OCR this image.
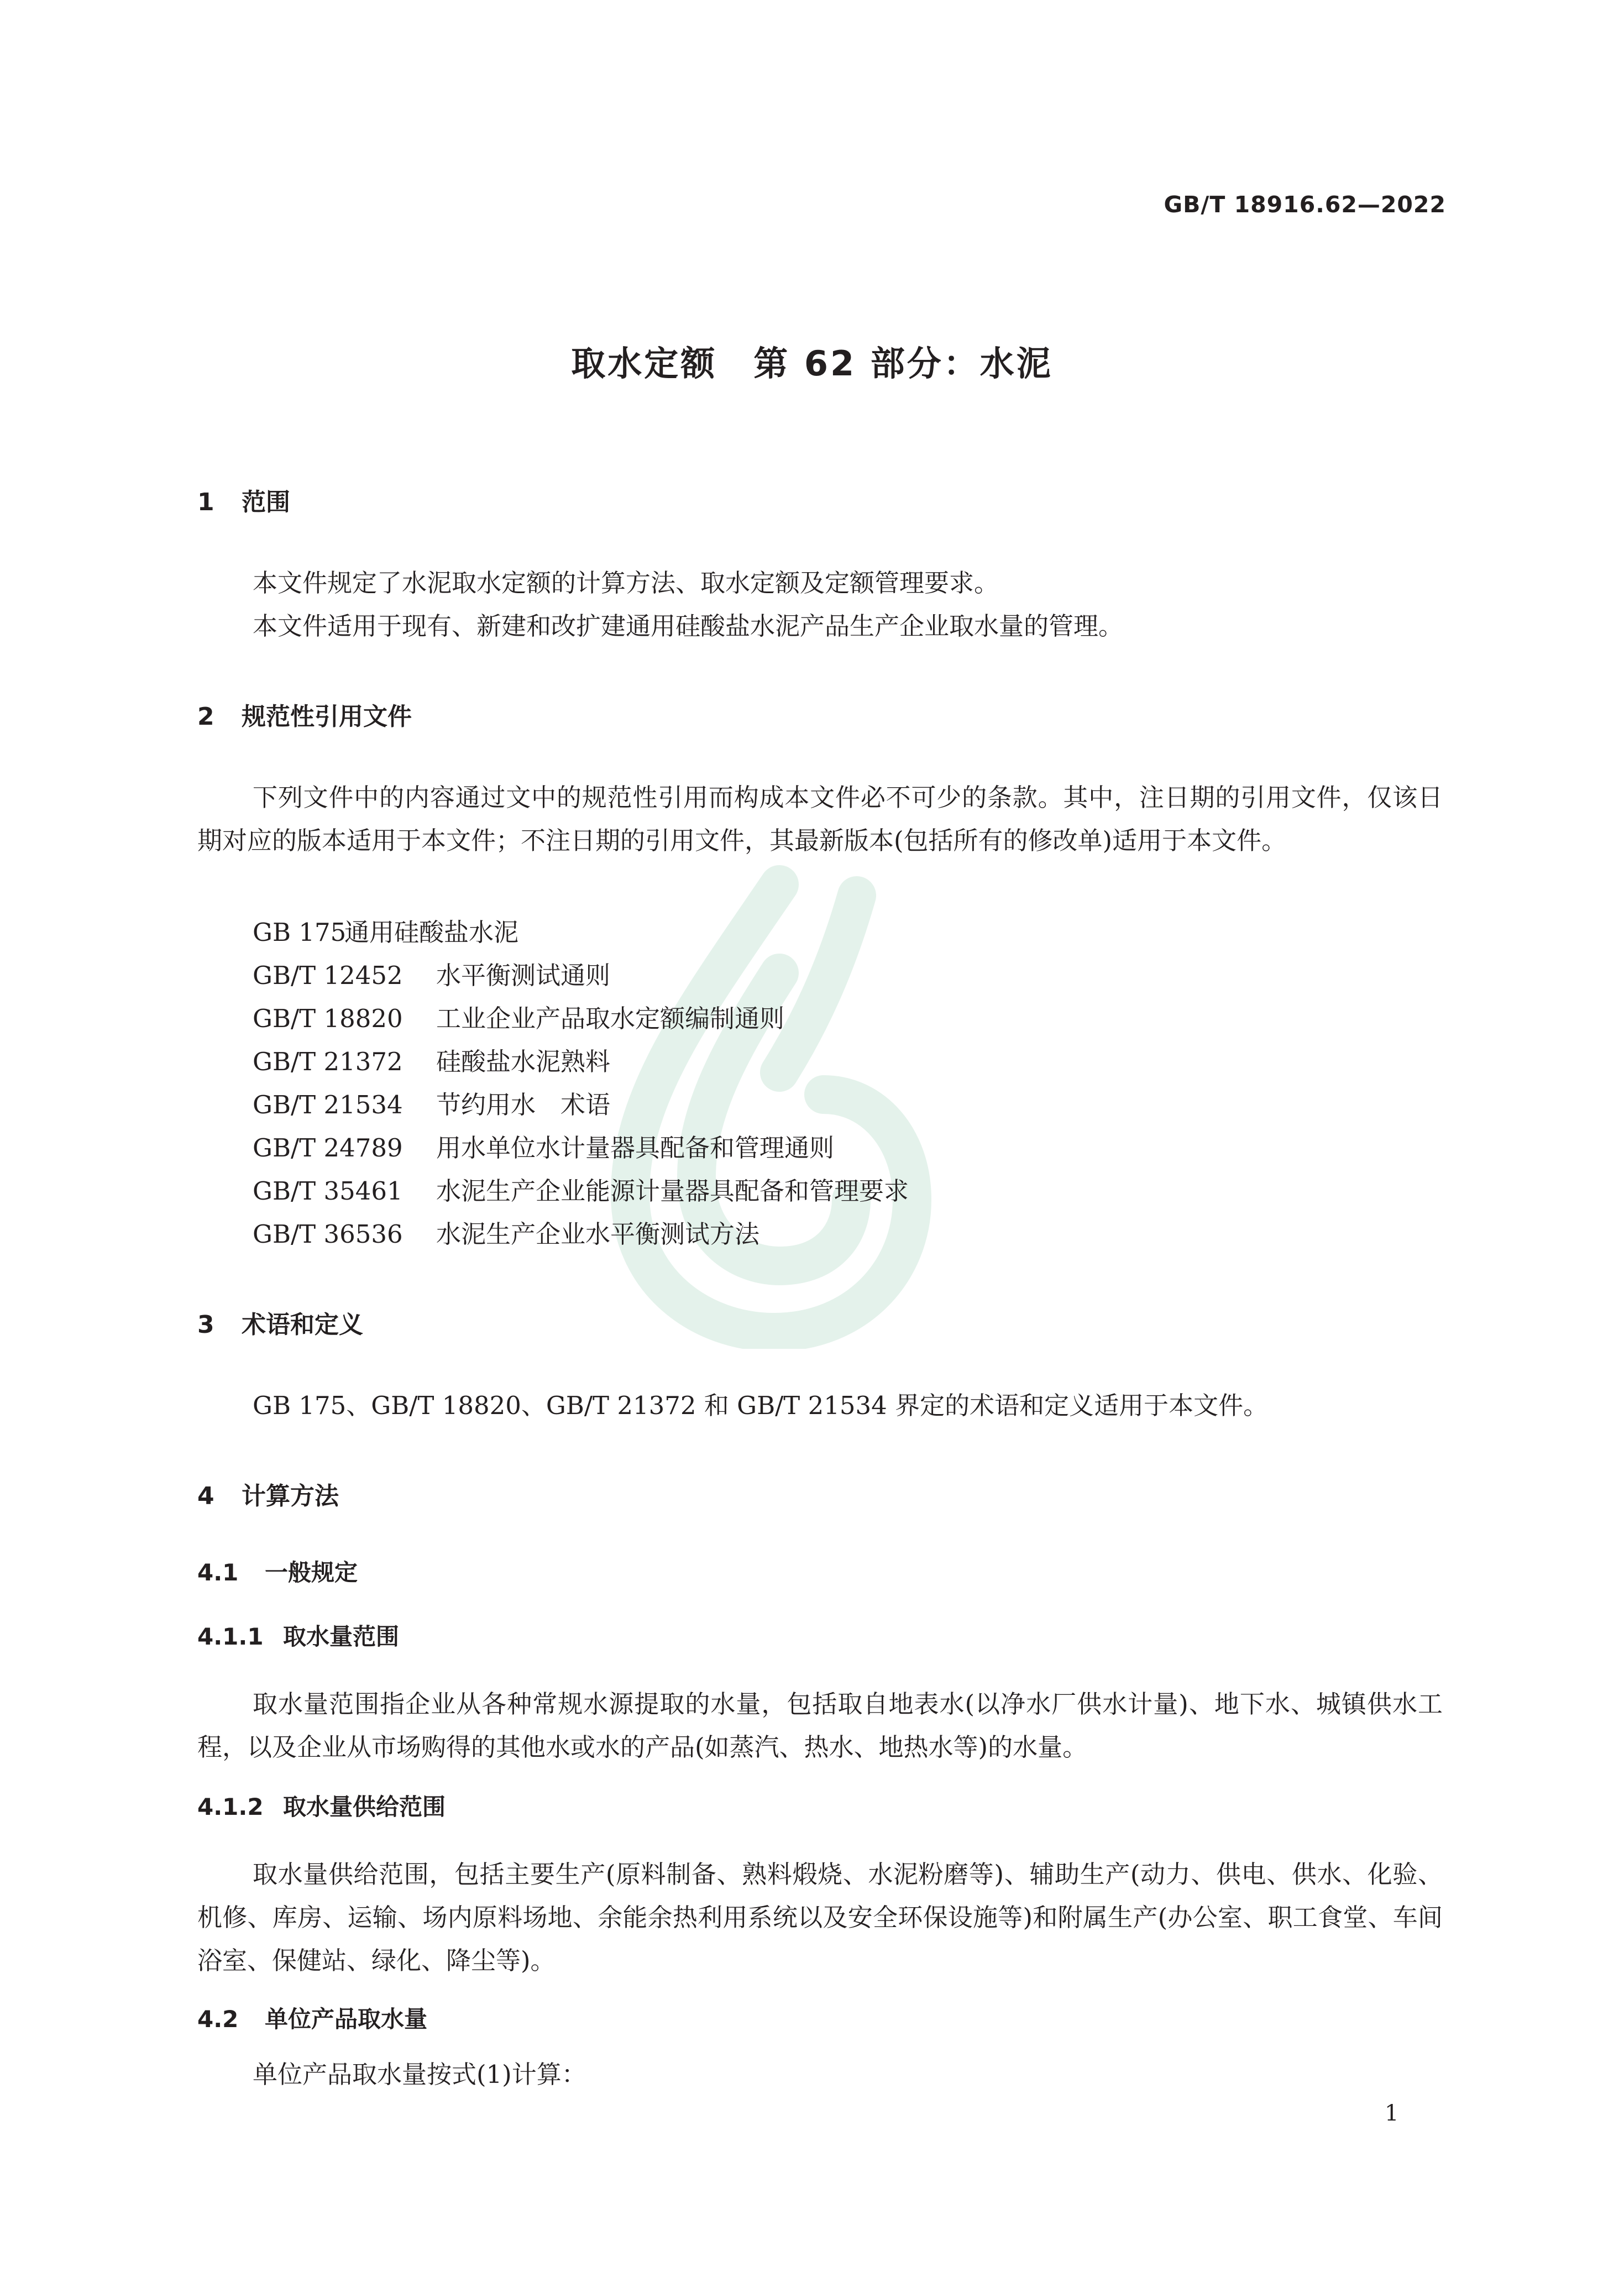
GB/T 18916.62—2022
取水定额　第 62 部分：水泥
1 范围
本文件规定了水泥取水定额的计算方法、取水定额及定额管理要求。
本文件适用于现有、新建和改扩建通用硅酸盐水泥产品生产企业取水量的管理。
2 规范性引用文件
下列文件中的内容通过文中的规范性引用而构成本文件必不可少的条款。其中，注日期的引用文件，仅该日期对应的版本适用于本文件；不注日期的引用文件，其最新版本(包括所有的修改单)适用于本文件。
GB 175通用硅酸盐水泥
GB/T 12452 水平衡测试通则
GB/T 18820 工业企业产品取水定额编制通则
GB/T 21372 硅酸盐水泥熟料
GB/T 21534 节约用水　术语
GB/T 24789 用水单位水计量器具配备和管理通则
GB/T 35461 水泥生产企业能源计量器具配备和管理要求
GB/T 36536 水泥生产企业水平衡测试方法
3 术语和定义
GB 175、GB/T 18820、GB/T 21372 和 GB/T 21534 界定的术语和定义适用于本文件。
4 计算方法
4.1 一般规定
4.1.1 取水量范围
取水量范围指企业从各种常规水源提取的水量，包括取自地表水(以净水厂供水计量)、地下水、城镇供水工程，以及企业从市场购得的其他水或水的产品(如蒸汽、热水、地热水等)的水量。
4.1.2 取水量供给范围
取水量供给范围，包括主要生产(原料制备、熟料煅烧、水泥粉磨等)、辅助生产(动力、供电、供水、化验、机修、库房、运输、场内原料场地、余能余热利用系统以及安全环保设施等)和附属生产(办公室、职工食堂、车间浴室、保健站、绿化、降尘等)。
4.2 单位产品取水量
单位产品取水量按式(1)计算：
1
